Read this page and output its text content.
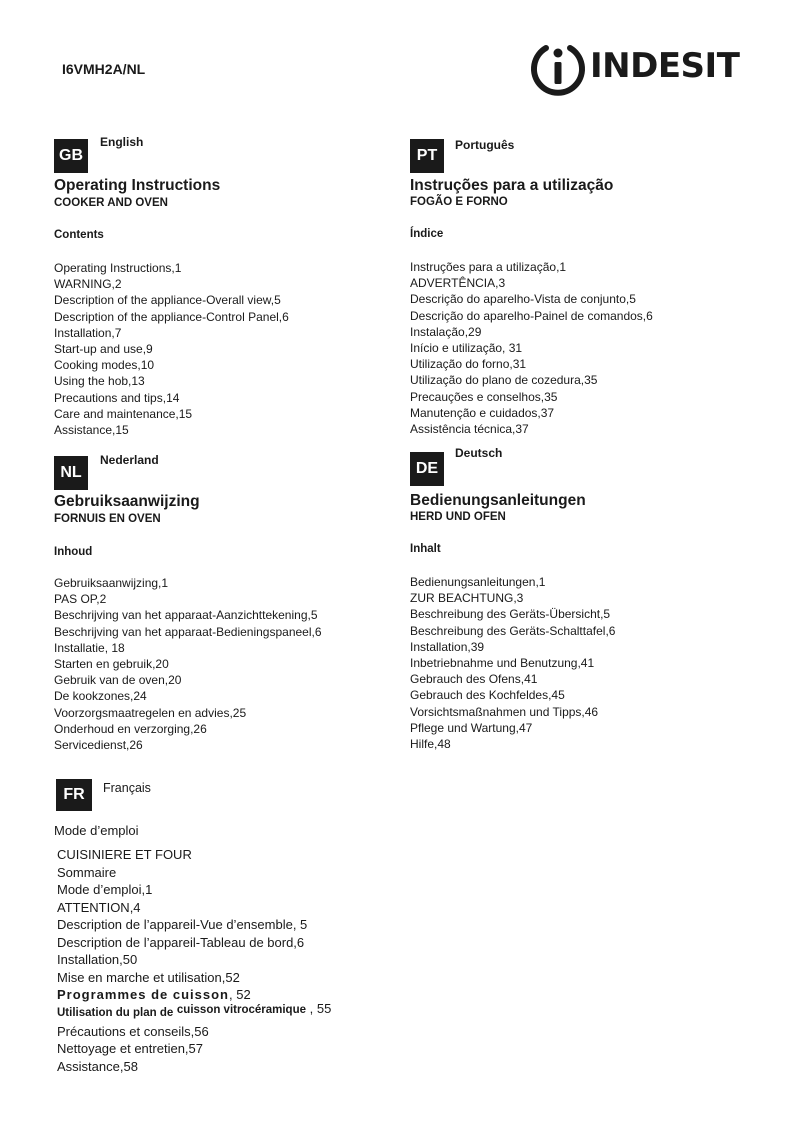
I6VMH2A/NL	INDESIT
GB
English
Operating Instructions
COOKER AND OVEN
Contents
Operating Instructions,1
WARNING,2
Description of the appliance-Overall view,5
Description of the appliance-Control Panel,6
Installation,7
Start-up and use,9
Cooking modes,10
Using the hob,13
Precautions and tips,14
Care and maintenance,15
Assistance,15
PT
Português
Instruções para a utilização
FOGÃO E FORNO
Índice
Instruções para a utilização,1
ADVERTÊNCIA,3
Descrição do aparelho-Vista de conjunto,5
Descrição do aparelho-Painel de comandos,6
Instalação,29
Início e utilização, 31
Utilização do forno,31
Utilização do plano de cozedura,35
Precauções e conselhos,35
Manutenção e cuidados,37
Assistência técnica,37
NL
Nederland
Gebruiksaanwijzing
FORNUIS EN OVEN
Inhoud
Gebruiksaanwijzing,1
PAS OP,2
Beschrijving van het apparaat-Aanzichttekening,5
Beschrijving van het apparaat-Bedieningspaneel,6
Installatie, 18
Starten en gebruik,20
Gebruik van de oven,20
De kookzones,24
Voorzorgsmaatregelen en advies,25
Onderhoud en verzorging,26
Servicedienst,26
DE
Deutsch
Bedienungsanleitungen
HERD UND OFEN
Inhalt
Bedienungsanleitungen,1
ZUR BEACHTUNG,3
Beschreibung des Geräts-Übersicht,5
Beschreibung des Geräts-Schalttafel,6
Installation,39
Inbetriebnahme und Benutzung,41
Gebrauch des Ofens,41
Gebrauch des Kochfeldes,45
Vorsichtsmaßnahmen und Tipps,46
Pflege und Wartung,47
Hilfe,48
FR	Français
Mode d’emploi
CUISINIERE ET FOUR
Sommaire
Mode d’emploi,1
ATTENTION,4
Description de l’appareil-Vue d’ensemble, 5
Description de l’appareil-Tableau de bord,6
Installation,50
Mise en marche et utilisation,52
Programmes de cuisson, 52
Utilisation du plan de cuisson vitrocéramique , 55
Précautions et conseils,56
Nettoyage et entretien,57
Assistance,58
